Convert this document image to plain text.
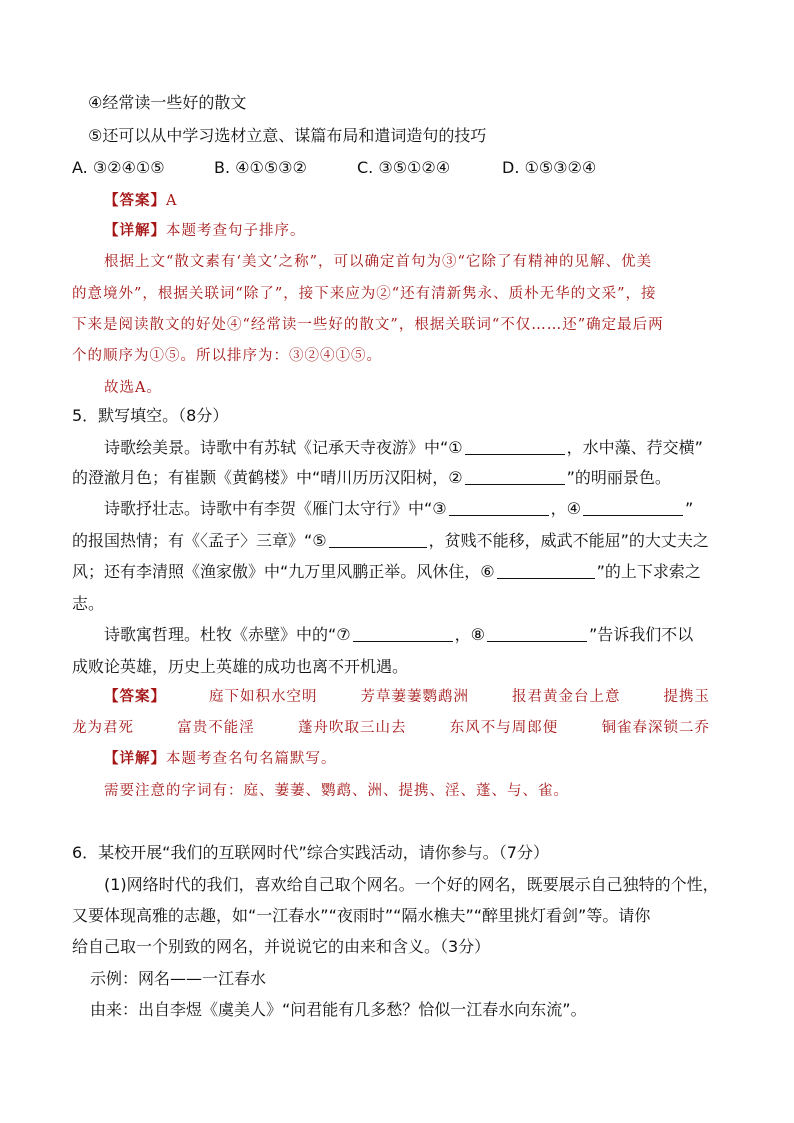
④经常读一些好的散文
⑤还可以从中学习选材立意、谋篇布局和遣词造句的技巧
A. ③②④①⑤	B. ④①⑤③②	C. ③⑤①②④	D. ①⑤③②④
【答案】A
【详解】本题考查句子排序。
根据上文“散文素有‘美文’之称”，可以确定首句为③“它除了有精神的见解、优美
的意境外”，根据关联词“除了”，接下来应为②“还有清新隽永、质朴无华的文采”，接
下来是阅读散文的好处④“经常读一些好的散文”，根据关联词“不仅……还”确定最后两
个的顺序为①⑤。所以排序为：③②④①⑤。
故选A。
5．默写填空。（8分）
诗歌绘美景。诗歌中有苏轼《记承天寺夜游》中“①	，水中藻、荇交横”
的澄澈月色；有崔颢《黄鹤楼》中“晴川历历汉阳树，②	”的明丽景色。
诗歌抒壮志。诗歌中有李贺《雁门太守行》中“③	，④	”
的报国热情；有《〈孟子〉三章》“⑤	，贫贱不能移，威武不能屈”的大丈夫之
风；还有李清照《渔家傲》中“九万里风鹏正举。风休住，⑥	”的上下求索之
志。
诗歌寓哲理。杜牧《赤壁》中的“⑦	，⑧	”告诉我们不以
成败论英雄，历史上英雄的成功也离不开机遇。
【答案】	庭下如积水空明	芳草萋萋鹦鹉洲	报君黄金台上意	提携玉
龙为君死	富贵不能淫	蓬舟吹取三山去	东风不与周郎便	铜雀春深锁二乔
【详解】本题考查名句名篇默写。
需要注意的字词有：庭、萋萋、鹦鹉、洲、提携、淫、蓬、与、雀。
6．某校开展“我们的互联网时代”综合实践活动，请你参与。（7分）
(1)网络时代的我们，喜欢给自己取个网名。一个好的网名，既要展示自己独特的个性，
又要体现高雅的志趣，如“一江春水”“夜雨时”“隔水樵夫”“醉里挑灯看剑”等。请你
给自己取一个别致的网名，并说说它的由来和含义。（3分）
示例：网名——一江春水
由来：出自李煜《虞美人》“问君能有几多愁？恰似一江春水向东流”。
